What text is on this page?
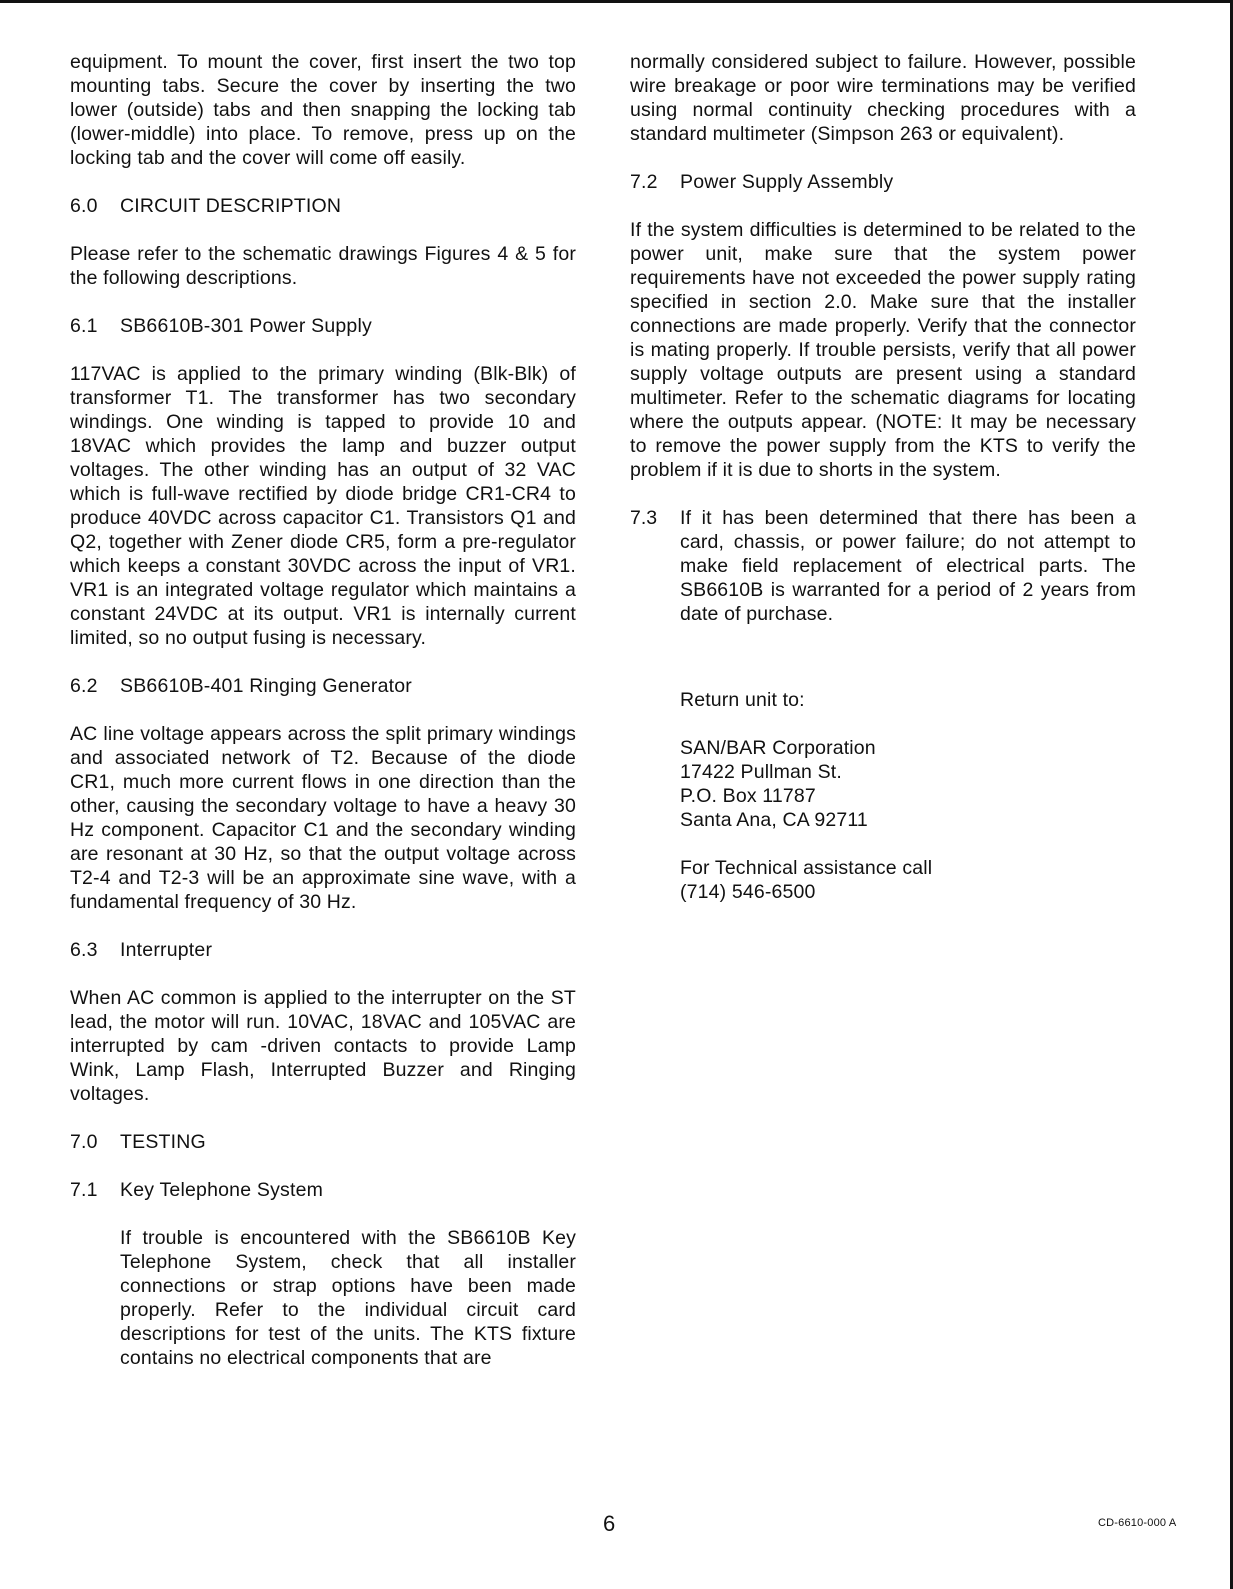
equipment. To mount the cover, first insert the two top mounting tabs. Secure the cover by inserting the two lower (outside) tabs and then snapping the locking tab (lower-middle) into place. To remove, press up on the locking tab and the cover will come off easily.
6.0	CIRCUIT DESCRIPTION
Please refer to the schematic drawings Figures 4 & 5 for the following descriptions.
6.1	SB6610B-301 Power Supply
117VAC is applied to the primary winding (Blk-Blk) of transformer T1. The transformer has two secondary windings. One winding is tapped to provide 10 and 18VAC which provides the lamp and buzzer output voltages. The other winding has an output of 32 VAC which is full-wave rectified by diode bridge CR1-CR4 to produce 40VDC across capacitor C1. Transistors Q1 and Q2, together with Zener diode CR5, form a pre-regulator which keeps a constant 30VDC across the input of VR1. VR1 is an integrated voltage regulator which maintains a constant 24VDC at its output. VR1 is internally current limited, so no output fusing is necessary.
6.2	SB6610B-401 Ringing Generator
AC line voltage appears across the split primary windings and associated network of T2. Because of the diode CR1, much more current flows in one direction than the other, causing the secondary voltage to have a heavy 30 Hz component. Capacitor C1 and the secondary winding are resonant at 30 Hz, so that the output voltage across T2-4 and T2-3 will be an approximate sine wave, with a fundamental frequency of 30 Hz.
6.3	Interrupter
When AC common is applied to the interrupter on the ST lead, the motor will run. 10VAC, 18VAC and 105VAC are interrupted by cam -driven contacts to provide Lamp Wink, Lamp Flash, Interrupted Buzzer and Ringing voltages.
7.0	TESTING
7.1	Key Telephone System
If trouble is encountered with the SB6610B Key Telephone System, check that all installer connections or strap options have been made properly. Refer to the individual circuit card descriptions for test of the units. The KTS fixture contains no electrical components that are
normally considered subject to failure. However, possible wire breakage or poor wire terminations may be verified using normal continuity checking procedures with a standard multimeter (Simpson 263 or equivalent).
7.2	Power Supply Assembly
If the system difficulties is determined to be related to the power unit, make sure that the system power requirements have not exceeded the power supply rating specified in section 2.0. Make sure that the installer connections are made properly. Verify that the connector is mating properly. If trouble persists, verify that all power supply voltage outputs are present using a standard multimeter. Refer to the schematic diagrams for locating where the outputs appear. (NOTE: It may be necessary to remove the power supply from the KTS to verify the problem if it is due to shorts in the system.
7.3	If it has been determined that there has been a card, chassis, or power failure; do not attempt to make field replacement of electrical parts. The SB6610B is warranted for a period of 2 years from date of purchase.
Return unit to:
SAN/BAR Corporation
17422 Pullman St.
P.O. Box 11787
Santa Ana, CA 92711
For Technical assistance call
(714) 546-6500
6	CD-6610-000 A
